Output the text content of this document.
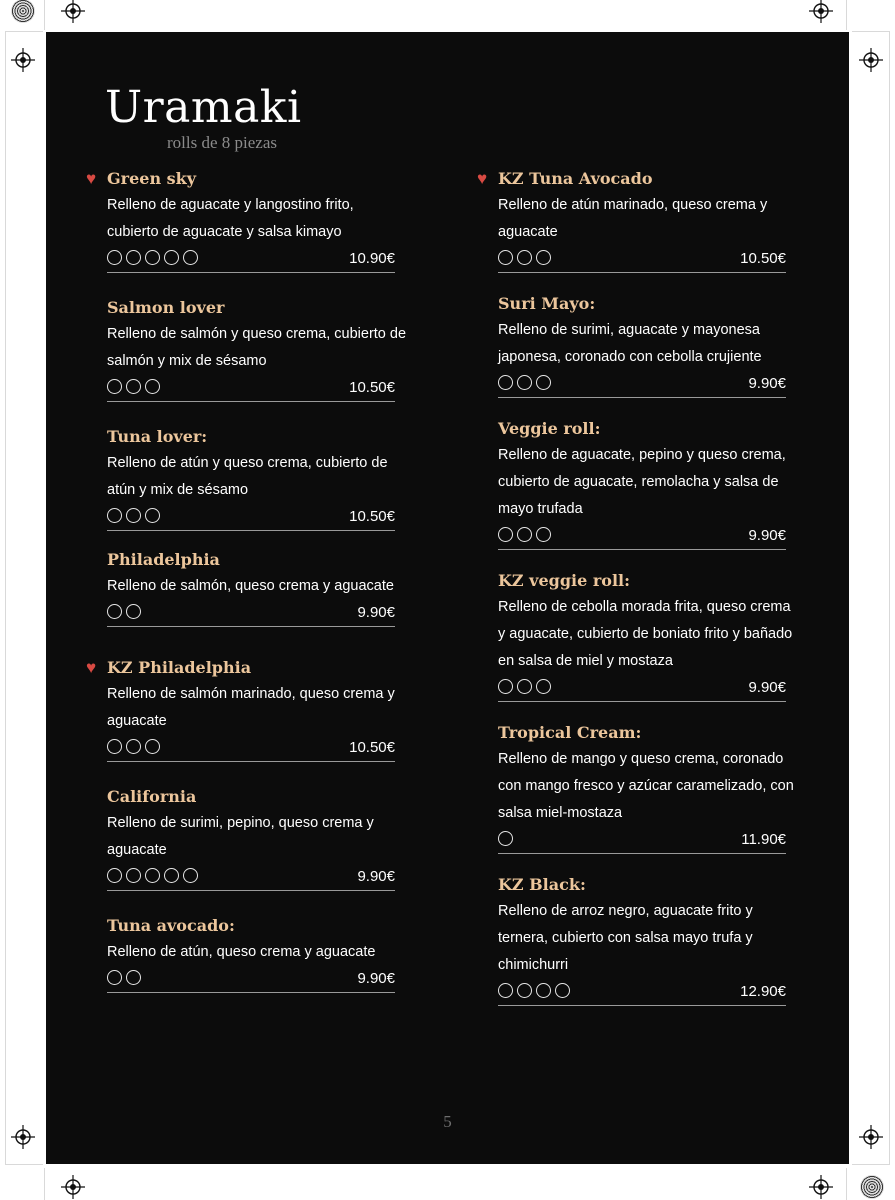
Uramaki
rolls de 8 piezas
♥ Green sky
Relleno de aguacate y langostino frito, cubierto de aguacate y salsa kimayo
10.90€
Salmon lover
Relleno de salmón y queso crema, cubierto de salmón y mix de sésamo
10.50€
Tuna lover:
Relleno de atún y queso crema, cubierto de atún y mix de sésamo
10.50€
Philadelphia
Relleno de salmón, queso crema y aguacate
9.90€
♥ KZ Philadelphia
Relleno de salmón marinado, queso crema y aguacate
10.50€
California
Relleno de surimi, pepino, queso crema y aguacate
9.90€
Tuna avocado:
Relleno de atún, queso crema y aguacate
9.90€
♥ KZ Tuna Avocado
Relleno de atún marinado, queso crema y aguacate
10.50€
Suri Mayo:
Relleno de surimi, aguacate y mayonesa japonesa, coronado con cebolla crujiente
9.90€
Veggie roll:
Relleno de aguacate, pepino y queso crema, cubierto de aguacate, remolacha y salsa de mayo trufada
9.90€
KZ veggie roll:
Relleno de cebolla morada frita, queso crema y aguacate, cubierto de boniato frito y bañado en salsa de miel y mostaza
9.90€
Tropical Cream:
Relleno de mango y queso crema, coronado con mango fresco y azúcar caramelizado, con salsa miel-mostaza
11.90€
KZ Black:
Relleno de arroz negro, aguacate frito y ternera, cubierto con salsa mayo trufa y chimichurri
12.90€
5
